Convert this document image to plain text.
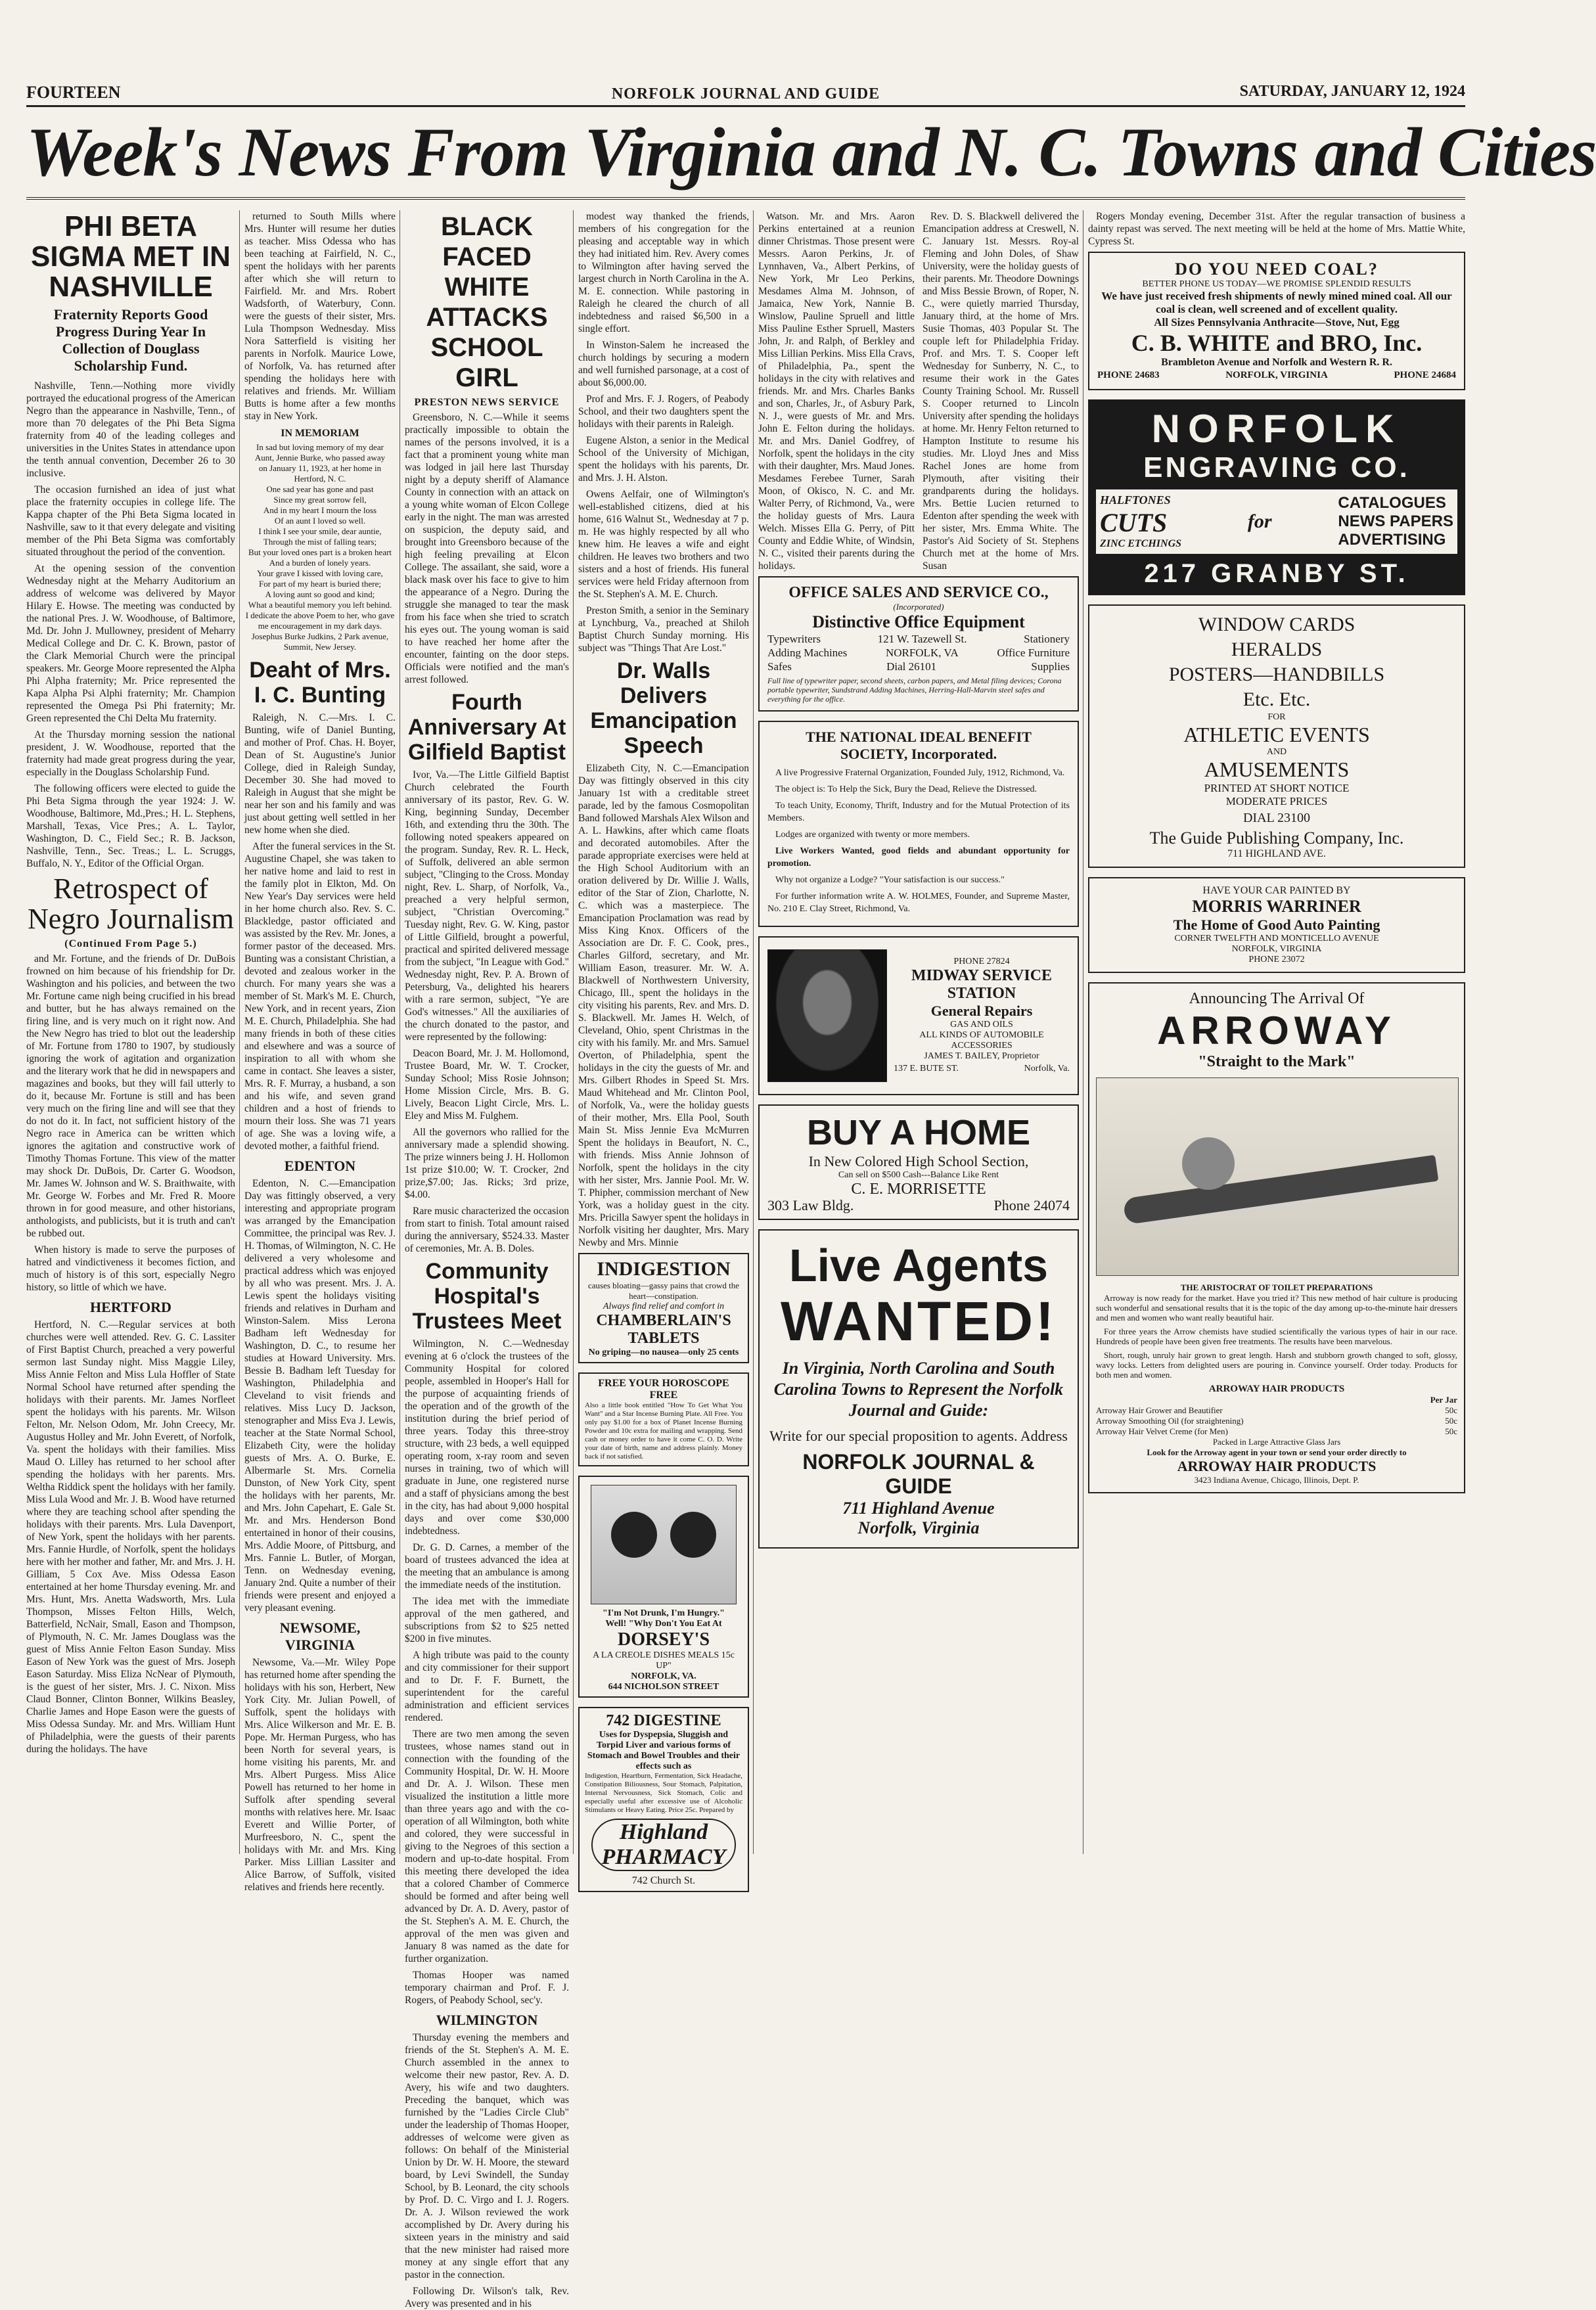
FOURTEEN	NORFOLK JOURNAL AND GUIDE	SATURDAY, JANUARY 12, 1924
Week's News From Virginia and N. C. Towns and Cities
PHI BETA SIGMA MET IN NASHVILLE
Fraternity Reports Good Progress During Year In Collection of Douglass Scholarship Fund.

Nashville, Tenn.—Nothing more vividly portrayed the educational progress of the American Negro than the appearance in Nashville, Tenn., of more than 70 delegates of the Phi Beta Sigma fraternity from 40 of the leading colleges and universities in the Unites States in attendance upon the tenth annual convention, December 26 to 30 inclusive.

The occasion furnished an idea of just what place the fraternity occupies in college life. The Kappa chapter of the Phi Beta Sigma located in Nashville, saw to it that every delegate and visiting member of the Phi Beta Sigma was comfortably situated throughout the period of the convention.

At the opening session of the convention Wednesday night at the Meharry Auditorium an address of welcome was delivered by Mayor Hilary E. Howse. The meeting was conducted by the national Pres. J. W. Woodhouse, of Baltimore, Md. Dr. John J. Mullowney, president of Meharry Medical College and Dr. C. K. Brown, pastor of the Clark Memorial Church were the principal speakers. Mr. George Moore represented the Alpha Phi Alpha fraternity; Mr. Price represented the Kapa Alpha Psi Alphi fraternity; Mr. Champion represented the Omega Psi Phi fraternity; Mr. Green represented the Chi Delta Mu fraternity.

At the Thursday morning session the national president, J. W. Woodhouse, reported that the fraternity had made great progress during the year, especially in the Douglass Scholarship Fund.

The following officers were elected to guide the Phi Beta Sigma through the year 1924: J. W. Woodhouse, Baltimore, Md.,Pres.; H. L. Stephens, Marshall, Texas, Vice Pres.; A. L. Taylor, Washington, D. C., Field Sec.; R. B. Jackson, Nashville, Tenn., Sec. Treas.; L. L. Scruggs, Buffalo, N. Y., Editor of the Official Organ.

Retrospect of Negro Journalism
(Continued From Page 5.)

and Mr. Fortune, and the friends of Dr. DuBois frowned on him because of his friendship for Dr. Washington and his policies, and between the two Mr. Fortune came nigh being crucified in his bread and butter, but he has always remained on the firing line, and is very much on it right now. And the New Negro has tried to blot out the leadership of Mr. Fortune from 1780 to 1907, by studiously ignoring the work of agitation and organization and the literary work that he did in newspapers and magazines and books, but they will fail utterly to do it, because Mr. Fortune is still and has been very much on the firing line and will see that they do not do it. In fact, not sufficient history of the Negro race in America can be written which ignores the agitation and constructive work of Timothy Thomas Fortune. This view of the matter may shock Dr. DuBois, Dr. Carter G. Woodson, Mr. James W. Johnson and W. S. Braithwaite, with Mr. George W. Forbes and Mr. Fred R. Moore thrown in for good measure, and other historians, anthologists, and publicists, but it is truth and can't be rubbed out.

When history is made to serve the purposes of hatred and vindictiveness it becomes fiction, and much of history is of this sort, especially Negro history, so little of which we have.

HERTFORD

Hertford, N. C.—Regular services at both churches were well attended. Rev. G. C. Lassiter of First Baptist Church, preached a very powerful sermon last Sunday night. Miss Maggie Liley, Miss Annie Felton and Miss Lula Hoffler of State Normal School have returned after spending the holidays with their parents. Mr. James Norfleet spent the holidays with his parents. Mr. Wilson Felton, Mr. Nelson Odom, Mr. John Creecy, Mr. Augustus Holley and Mr. John Everett, of Norfolk, Va. spent the holidays with their families. Miss Maud O. Lilley has returned to her school after spending the holidays with her parents. Mrs. Weltha Riddick spent the holidays with her family. Miss Lula Wood and Mr. J. B. Wood have returned where they are teaching school after spending the holidays with their parents. Mrs. Lula Davenport, of New York, spent the holidays with her parents. Mrs. Fannie Hurdle, of Norfolk, spent the holidays here with her mother and father, Mr. and Mrs. J. H. Gilliam, 5 Cox Ave. Miss Odessa Eason entertained at her home Thursday evening. Mr. and Mrs. Hunt, Mrs. Anetta Wadsworth, Mrs. Lula Thompson, Misses Felton Hills, Welch, Batterfield, NcNair, Small, Eason and Thompson, of Plymouth, N. C. Mr. James Douglass was the guest of Miss Annie Felton Eason Sunday. Miss Eason of New York was the guest of Mrs. Joseph Eason Saturday. Miss Eliza NcNear of Plymouth, is the guest of her sister, Mrs. J. C. Nixon. Miss Claud Bonner, Clinton Bonner, Wilkins Beasley, Charlie James and Hope Eason were the guests of Miss Odessa Sunday. Mr. and Mrs. William Hunt of Philadelphia, were the guests of their parents during the holidays. The have

returned to South Mills where Mrs. Hunter will resume her duties as teacher. Miss Odessa who has been teaching at Fairfield, N. C., spent the holidays with her parents after which she will return to Fairfield. Mr. and Mrs. Robert Wadsforth, of Waterbury, Conn. were the guests of their sister, Mrs. Lula Thompson Wednesday. Miss Nora Satterfield is visiting her parents in Norfolk. Maurice Lowe, of Norfolk, Va. has returned after spending the holidays here with relatives and friends. Mr. William Butts is home after a few months stay in New York.

IN MEMORIAM
In sad but loving memory of my dear
Aunt, Jennie Burke, who passed away
on January 11, 1923, at her home in Hertford, N. C.
One sad year has gone and past
Since my great sorrow fell,
And in my heart I mourn the loss
Of an aunt I loved so well.
I think I see your smile, dear auntie,
Through the mist of falling tears;
But your loved ones part is a broken heart
And a burden of lonely years.
Your grave I kissed with loving care,
For part of my heart is buried there;
A loving aunt so good and kind;
What a beautiful memory you left behind.
I dedicate the above Poem to her, who gave me encouragement in my dark days.
Josephus Burke Judkins, 2 Park avenue, Summit, New Jersey.
Deaht of Mrs. I. C. Bunting

Raleigh, N. C.—Mrs. I. C. Bunting, wife of Daniel Bunting, and mother of Prof. Chas. H. Boyer, Dean of St. Augustine's Junior College, died in Raleigh Sunday, December 30. She had moved to Raleigh in August that she might be near her son and his family and was just about getting well settled in her new home when she died.

After the funeral services in the St. Augustine Chapel, she was taken to her native home and laid to rest in the family plot in Elkton, Md. On New Year's Day services were held in her home church also. Rev. S. C. Blackledge, pastor officiated and was assisted by the Rev. Mr. Jones, a former pastor of the deceased. Mrs. Bunting was a consistant Christian, a devoted and zealous worker in the church. For many years she was a member of St. Mark's M. E. Church, New York, and in recent years, Zion M. E. Church, Philadelphia. She had many friends in both of these cities and elsewhere and was a source of inspiration to all with whom she came in contact. She leaves a sister, Mrs. R. F. Murray, a husband, a son and his wife, and seven grand children and a host of friends to mourn their loss. She was 71 years of age. She was a loving wife, a devoted mother, a faithful friend.

EDENTON

Edenton, N. C.—Emancipation Day was fittingly observed, a very interesting and appropriate program was arranged by the Emancipation Committee, the principal was Rev. J. H. Thomas, of Wilmington, N. C. He delivered a very wholesome and practical address which was enjoyed by all who was present. Mrs. J. A. Lewis spent the holidays visiting friends and relatives in Durham and Winston-Salem. Miss Lerona Badham left Wednesday for Washington, D. C., to resume her studies at Howard University. Mrs. Bessie B. Badham left Tuesday for Washington, Philadelphia and Cleveland to visit friends and relatives. Miss Lucy D. Jackson, stenographer and Miss Eva J. Lewis, teacher at the State Normal School, Elizabeth City, were the holiday guests of Mrs. A. O. Burke, E. Albermarle St. Mrs. Cornelia Dunston, of New York City, spent the holidays with her parents, Mr. and Mrs. John Capehart, E. Gale St. Mr. and Mrs. Henderson Bond entertained in honor of their cousins, Mrs. Addie Moore, of Pittsburg, and Mrs. Fannie L. Butler, of Morgan, Tenn. on Wednesday evening, January 2nd. Quite a number of their friends were present and enjoyed a very pleasant evening.

NEWSOME, VIRGINIA

Newsome, Va.—Mr. Wiley Pope has returned home after spending the holidays with his son, Herbert, New York City. Mr. Julian Powell, of Suffolk, spent the holidays with Mrs. Alice Wilkerson and Mr. E. B. Pope. Mr. Herman Purgess, who has been North for several years, is home visiting his parents, Mr. and Mrs. Albert Purgess. Miss Alice Powell has returned to her home in Suffolk after spending several months with relatives here. Mr. Isaac Everett and Willie Porter, of Murfreesboro, N. C., spent the holidays with Mr. and Mrs. King Parker. Miss Lillian Lassiter and Alice Barrow, of Suffolk, visited relatives and friends here recently.

BLACK FACED WHITE ATTACKS SCHOOL GIRL
PRESTON NEWS SERVICE

Greensboro, N. C.—While it seems practically impossible to obtain the names of the persons involved, it is a fact that a prominent young white man was lodged in jail here last Thursday night by a deputy sheriff of Alamance County in connection with an attack on a young white woman of Elcon College early in the night. The man was arrested on suspicion, the deputy said, and brought into Greensboro because of the high feeling prevailing at Elcon College. The assailant, she said, wore a black mask over his face to give to him the appearance of a Negro. During the struggle she managed to tear the mask from his face when she tried to scratch his eyes out. The young woman is said to have reached her home after the encounter, fainting on the door steps. Officials were notified and the man's arrest followed.

Fourth Anniversary At Gilfield Baptist

Ivor, Va.—The Little Gilfield Baptist Church celebrated the Fourth anniversary of its pastor, Rev. G. W. King, beginning Sunday, December 16th, and extending thru the 30th. The following noted speakers appeared on the program. Sunday, Rev. R. L. Heck, of Suffolk, delivered an able sermon subject, "Clinging to the Cross. Monday night, Rev. L. Sharp, of Norfolk, Va., preached a very helpful sermon, subject, "Christian Overcoming." Tuesday night, Rev. G. W. King, pastor of Little Gilfield, brought a powerful, practical and spirited delivered message from the subject, "In League with God." Wednesday night, Rev. P. A. Brown of Petersburg, Va., delighted his hearers with a rare sermon, subject, "Ye are God's witnesses." All the auxiliaries of the church donated to the pastor, and were represented by the following:

Deacon Board, Mr. J. M. Hollomond, Trustee Board, Mr. W. T. Crocker, Sunday School; Miss Rosie Johnson; Home Mission Circle, Mrs. B. G. Lively, Beacon Light Circle, Mrs. L. Eley and Miss M. Fulghem.

All the governors who rallied for the anniversary made a splendid showing. The prize winners being J. H. Hollomon 1st prize $10.00; W. T. Crocker, 2nd prize,$7.00; Jas. Ricks; 3rd prize, $4.00.

Rare music characterized the occasion from start to finish. Total amount raised during the anniversary, $524.33. Master of ceremonies, Mr. A. B. Doles.

Community Hospital's Trustees Meet

Wilmington, N. C.—Wednesday evening at 6 o'clock the trustees of the Community Hospital for colored people, assembled in Hooper's Hall for the purpose of acquainting friends of the operation and of the growth of the institution during the brief period of three years. Today this three-stroy structure, with 23 beds, a well equipped operating room, x-ray room and seven nurses in training, two of which will graduate in June, one registered nurse and a staff of physicians among the best in the city, has had about 9,000 hospital days and over come $30,000 indebtedness.

Dr. G. D. Carnes, a member of the board of trustees advanced the idea at the meeting that an ambulance is among the immediate needs of the institution.

The idea met with the immediate approval of the men gathered, and subscriptions from $2 to $25 netted $200 in five minutes.

A high tribute was paid to the county and city commissioner for their support and to Dr. F. F. Burnett, the superintendent for the careful administration and efficient services rendered.

There are two men among the seven trustees, whose names stand out in connection with the founding of the Community Hospital, Dr. W. H. Moore and Dr. A. J. Wilson. These men visualized the institution a little more than three years ago and with the co-operation of all Wilmington, both white and colored, they were successful in giving to the Negroes of this section a modern and up-to-date hospital. From this meeting there developed the idea that a colored Chamber of Commerce should be formed and after being well advanced by Dr. A. D. Avery, pastor of the St. Stephen's A. M. E. Church, the approval of the men was given and January 8 was named as the date for further organization.

Thomas Hooper was named temporary chairman and Prof. F. J. Rogers, of Peabody School, sec'y.

WILMINGTON

Thursday evening the members and friends of the St. Stephen's A. M. E. Church assembled in the annex to welcome their new pastor, Rev. A. D. Avery, his wife and two daughters. Preceding the banquet, which was furnished by the "Ladies Circle Club" under the leadership of Thomas Hooper, addresses of welcome were given as follows: On behalf of the Ministerial Union by Dr. W. H. Moore, the steward board, by Levi Swindell, the Sunday School, by B. Leonard, the city schools by Prof. D. C. Virgo and I. J. Rogers. Dr. A. J. Wilson reviewed the work accomplished by Dr. Avery during his sixteen years in the ministry and said that the new minister had raised more money at any single effort that any pastor in the connection.

Following Dr. Wilson's talk, Rev. Avery was presented and in his

modest way thanked the friends, members of his congregation for the pleasing and acceptable way in which they had initiated him. Rev. Avery comes to Wilmington after having served the largest church in North Carolina in the A. M. E. connection. While pastoring in Raleigh he cleared the church of all indebtedness and raised $6,500 in a single effort.

In Winston-Salem he increased the church holdings by securing a modern and well furnished parsonage, at a cost of about $6,000.00.

Prof and Mrs. F. J. Rogers, of Peabody School, and their two daughters spent the holidays with their parents in Raleigh.

Eugene Alston, a senior in the Medical School of the University of Michigan, spent the holidays with his parents, Dr. and Mrs. J. H. Alston.

Owens Aelfair, one of Wilmington's well-established citizens, died at his home, 616 Walnut St., Wednesday at 7 p. m. He was highly respected by all who knew him. He leaves a wife and eight children. He leaves two brothers and two sisters and a host of friends. His funeral services were held Friday afternoon from the St. Stephen's A. M. E. Church.

Preston Smith, a senior in the Seminary at Lynchburg, Va., preached at Shiloh Baptist Church Sunday morning. His subject was "Things That Are Lost."

Dr. Walls Delivers Emancipation Speech

Elizabeth City, N. C.—Emancipation Day was fittingly observed in this city January 1st with a creditable street parade, led by the famous Cosmopolitan Band followed Marshals Alex Wilson and A. L. Hawkins, after which came floats and decorated automobiles. After the parade appropriate exercises were held at the High School Auditorium with an oration delivered by Dr. Willie J. Walls, editor of the Star of Zion, Charlotte, N. C. which was a masterpiece. The Emancipation Proclamation was read by Miss King Knox. Officers of the Association are Dr. F. C. Cook, pres., Charles Gilford, secretary, and Mr. William Eason, treasurer. Mr. W. A. Blackwell of Northwestern University, Chicago, Ill., spent the holidays in the city visiting his parents, Rev. and Mrs. D. S. Blackwell. Mr. James H. Welch, of Cleveland, Ohio, spent Christmas in the city with his family. Mr. and Mrs. Samuel Overton, of Philadelphia, spent the holidays in the city the guests of Mr. and Mrs. Gilbert Rhodes in Speed St. Mrs. Maud Whitehead and Mr. Clinton Pool, of Norfolk, Va., were the holiday guests of their mother, Mrs. Ella Pool, South Main St. Miss Jennie Eva McMurren Spent the holidays in Beaufort, N. C., with friends. Miss Annie Johnson of Norfolk, spent the holidays in the city with her sister, Mrs. Jannie Pool. Mr. W. T. Phipher, commission merchant of New York, was a holiday guest in the city. Mrs. Pricilla Sawyer spent the holidays in Norfolk visiting her daughter, Mrs. Mary Newby and Mrs. Minnie

INDIGESTION
causes bloating—gassy pains that crowd the heart—constipation.
Always find relief and comfort in
CHAMBERLAIN'S TABLETS
No griping—no nausea—only 25 cents
FREE YOUR HOROSCOPE FREE
Also a little book entitled "How To Get What You Want" and a Star Incense Burning Plate. All Free. You only pay $1.00 for a box of Planet Incense Burning Powder and 10c extra for mailing and wrapping. Send cash or money order to have it come C. O. D. Write your date of birth, name and address plainly. Money back if not satisfied.
"I'm Not Drunk, I'm Hungry."
Well! "Why Don't You Eat At
DORSEY'S
A LA CREOLE DISHES MEALS 15c UP"
NORFOLK, VA.
644 NICHOLSON STREET
742 DIGESTINE
Uses for Dyspepsia, Sluggish and Torpid Liver and various forms of Stomach and Bowel Troubles and their effects such as
Indigestion, Heartburn, Fermentation, Sick Headache, Constipation Biliousness, Sour Stomach, Palpitation, Internal Nervousness, Sick Stomach, Colic and especially useful after excessive use of Alcoholic Stimulants or Heavy Eating. Price 25c. Prepared by
Highland PHARMACY
742 Church St.

Watson. Mr. and Mrs. Aaron Perkins entertained at a reunion dinner Christmas. Those present were Messrs. Aaron Perkins, Jr. of Lynnhaven, Va., Albert Perkins, of New York, Mr Leo Perkins, Mesdames Alma M. Johnson, of Jamaica, New York, Nannie B. Winslow, Pauline Spruell and little Miss Pauline Esther Spruell, Masters John, Jr. and Ralph, of Berkley and Miss Lillian Perkins. Miss Ella Cravs, of Philadelphia, Pa., spent the holidays in the city with relatives and friends. Mr. and Mrs. Charles Banks and son, Charles, Jr., of Asbury Park, N. J., were guests of Mr. and Mrs. John E. Felton during the holidays. Mr. and Mrs. Daniel Godfrey, of Norfolk, spent the holidays in the city with their daughter, Mrs. Maud Jones. Mesdames Ferebee Turner, Sarah Moon, of Okisco, N. C. and Mr. Walter Perry, of Richmond, Va., were the holiday guests of Mrs. Laura Welch. Misses Ella G. Perry, of Pitt County and Eddie White, of Windsin, N. C., visited their parents during the holidays.

Rev. D. S. Blackwell delivered the Emancipation address at Creswell, N. C. January 1st. Messrs. Roy-al Fleming and John Doles, of Shaw University, were the holiday guests of their parents. Mr. Theodore Downings and Miss Bessie Brown, of Roper, N. C., were quietly married Thursday, January third, at the home of Mrs. Susie Thomas, 403 Popular St. The couple left for Philadelphia Friday. Prof. and Mrs. T. S. Cooper left Wednesday for Sunberry, N. C., to resume their work in the Gates County Training School. Mr. Russell S. Cooper returned to Lincoln University after spending the holidays at home. Mr. Henry Felton returned to Hampton Institute to resume his studies. Mr. Lloyd Jnes and Miss Rachel Jones are home from Plymouth, after visiting their grandparents during the holidays. Mrs. Bettie Lucien returned to Edenton after spending the week with her sister, Mrs. Emma White. The Pastor's Aid Society of St. Stephens Church met at the home of Mrs. Susan

OFFICE SALES AND SERVICE CO.,
(Incorporated)
Distinctive Office Equipment
Typewriters	121 W. Tazewell St.	Stationery
Adding Machines	NORFOLK, VA	Office Furniture
Safes	Dial 26101	Supplies
Full line of typewriter paper, second sheets, carbon papers, and Metal filing devices; Corona portable typewriter, Sundstrand Adding Machines, Herring-Hall-Marvin steel safes and everything for the office.
THE NATIONAL IDEAL BENEFIT
SOCIETY, Incorporated.

A live Progressive Fraternal Organization, Founded July, 1912, Richmond, Va.

The object is: To Help the Sick, Bury the Dead, Relieve the Distressed.

To teach Unity, Economy, Thrift, Industry and for the Mutual Protection of its Members.

Lodges are organized with twenty or more members.

Live Workers Wanted, good fields and abundant opportunity for promotion.

Why not organize a Lodge? "Your satisfaction is our success."

For further information write A. W. HOLMES, Founder, and Supreme Master, No. 210 E. Clay Street, Richmond, Va.

PHONE 27824
MIDWAY SERVICE STATION
General Repairs
GAS AND OILS
ALL KINDS OF AUTOMOBILE ACCESSORIES
JAMES T. BAILEY, Proprietor
137 E. BUTE ST.	Norfolk, Va.
BUY A HOME
In New Colored High School Section,
Can sell on $500 Cash---Balance Like Rent
C. E. MORRISETTE
303 Law Bldg.	Phone 24074
Live Agents
WANTED!
In Virginia, North Carolina and South Carolina Towns to Represent the Norfolk Journal and Guide:
Write for our special proposition to agents. Address
NORFOLK JOURNAL & GUIDE
711 Highland Avenue
Norfolk, Virginia

Rogers Monday evening, December 31st. After the regular transaction of business a dainty repast was served. The next meeting will be held at the home of Mrs. Mattie White, Cypress St.

DO YOU NEED COAL?
BETTER PHONE US TODAY—WE PROMISE SPLENDID RESULTS
We have just received fresh shipments of newly mined mined coal. All our coal is clean, well screened and of excellent quality.
All Sizes Pennsylvania Anthracite—Stove, Nut, Egg
C. B. WHITE and BRO, Inc.
Brambleton Avenue and Norfolk and Western R. R.
PHONE 24683	NORFOLK, VIRGINIA	PHONE 24684
NORFOLK
ENGRAVING CO.
HALFTONES
CUTS
ZINC ETCHINGS
for
CATALOGUES
NEWS PAPERS
ADVERTISING
217 GRANBY ST.
WINDOW CARDS
HERALDS
POSTERS—HANDBILLS
Etc. Etc.
FOR
ATHLETIC EVENTS
AND
AMUSEMENTS
PRINTED AT SHORT NOTICE
MODERATE PRICES
DIAL 23100
The Guide Publishing Company, Inc.
711 HIGHLAND AVE.
HAVE YOUR CAR PAINTED BY
MORRIS WARRINER
The Home of Good Auto Painting
CORNER TWELFTH AND MONTICELLO AVENUE
NORFOLK, VIRGINIA
PHONE 23072
Announcing The Arrival Of
ARROWAY
"Straight to the Mark"
THE ARISTOCRAT OF TOILET PREPARATIONS

Arroway is now ready for the market. Have you tried it? This new method of hair culture is producing such wonderful and sensational results that it is the topic of the day among up-to-the-minute hair dressers and men and women who want really beautiful hair.

For three years the Arrow chemists have studied scientifically the various types of hair in our race. Hundreds of people have been given free treatments. The results have been marvelous.

Short, rough, unruly hair grown to great length. Harsh and stubborn growth changed to soft, glossy, wavy locks. Letters from delighted users are pouring in. Convince yourself. Order today. Products for both men and women.

ARROWAY HAIR PRODUCTS
Per Jar
Arroway Hair Grower and Beautifier	50c
Arroway Smoothing Oil (for straightening)	50c
Arroway Hair Velvet Creme (for Men)	50c
Packed in Large Attractive Glass Jars
Look for the Arroway agent in your town or send your order directly to
ARROWAY HAIR PRODUCTS
3423 Indiana Avenue, Chicago, Illinois, Dept. P.
